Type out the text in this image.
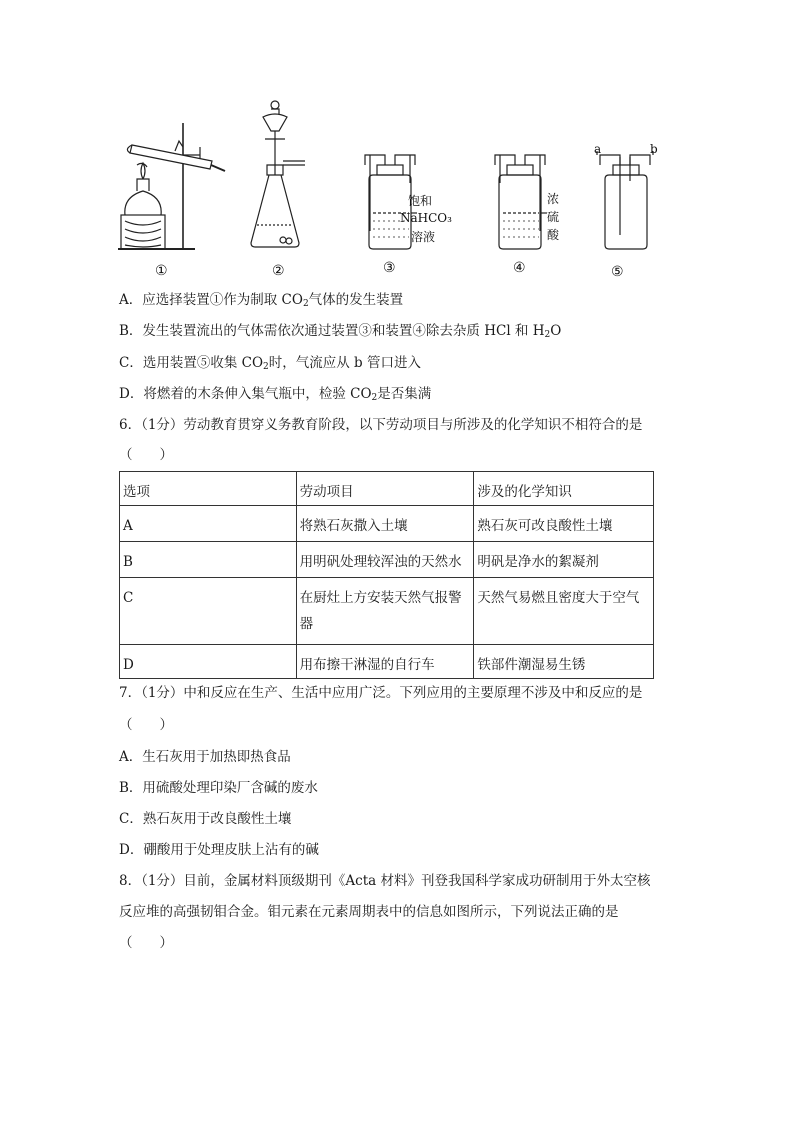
饱和
NaHCO₃
溶液
浓
硫
酸
a	b
①	②	③	④	⑤
A．应选择装置①作为制取 $CO_2$气体的发生装置
B．发生装置流出的气体需依次通过装置③和装置④除去杂质 HCl 和 $H_2O$
C．选用装置⑤收集 $CO_2$时，气流应从 b 管口进入
D．将燃着的木条伸入集气瓶中，检验 $CO_2$是否集满
6．（1分）劳动教育贯穿义务教育阶段，以下劳动项目与所涉及的化学知识不相符合的是
（　　）
选项	劳动项目	涉及的化学知识
A	将熟石灰撒入土壤	熟石灰可改良酸性土壤
B	用明矾处理较浑浊的天然水	明矾是净水的絮凝剂
C	在厨灶上方安装天然气报警器	天然气易燃且密度大于空气
D	用布擦干淋湿的自行车	铁部件潮湿易生锈
7．（1分）中和反应在生产、生活中应用广泛。下列应用的主要原理不涉及中和反应的是
（　　）
A．生石灰用于加热即热食品
B．用硫酸处理印染厂含碱的废水
C．熟石灰用于改良酸性土壤
D．硼酸用于处理皮肤上沾有的碱
8．（1分）目前，金属材料顶级期刊《Acta 材料》刊登我国科学家成功研制用于外太空核
反应堆的高强韧钼合金。钼元素在元素周期表中的信息如图所示，下列说法正确的是
（　　）
